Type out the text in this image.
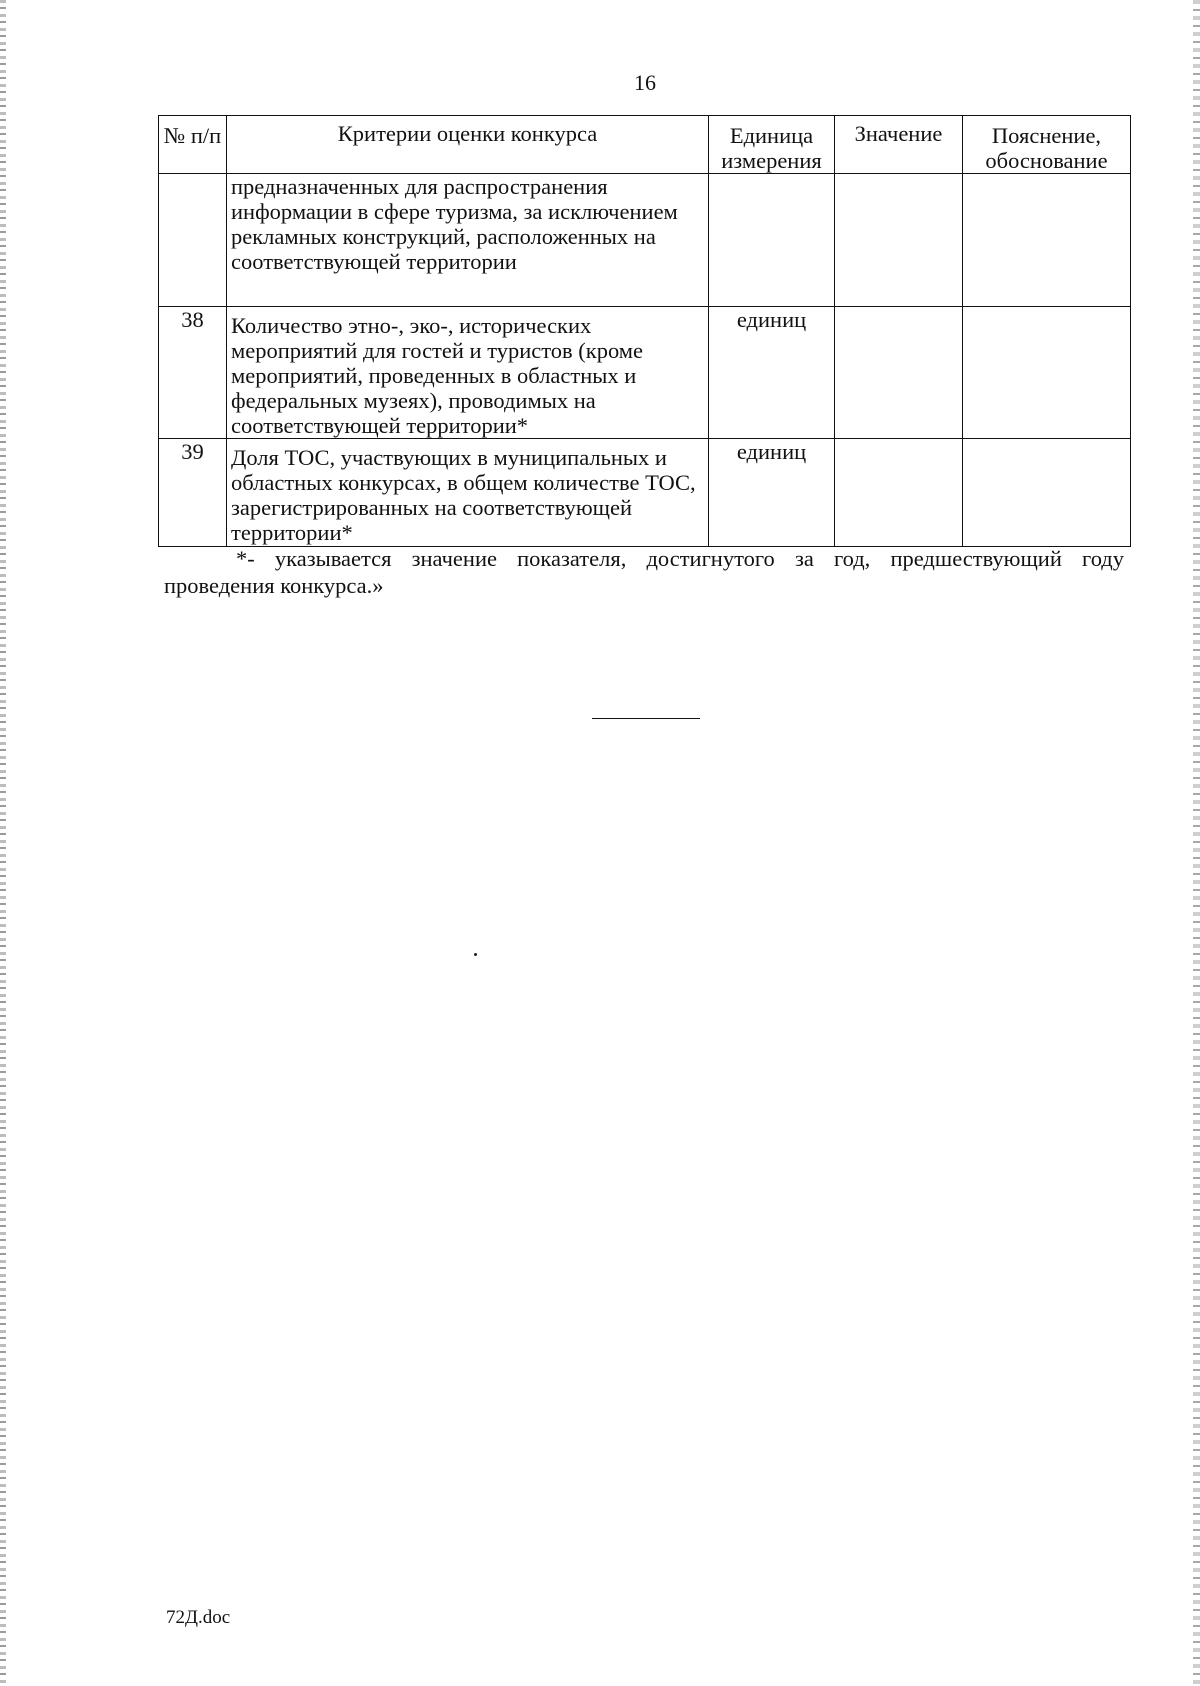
16
№ п/п	Критерии оценки конкурса	Единица измерения	Значение	Пояснение, обоснование
	предназначенных для распространения информации в сфере туризма, за исключением рекламных конструкций, расположенных на соответствующей территории			
38	Количество этно-, эко-, исторических мероприятий для гостей и туристов (кроме мероприятий, проведенных в областных и федеральных музеях), проводимых на соответствующей территории*	единиц		
39	Доля ТОС, участвующих в муниципальных и областных конкурсах, в общем количестве ТОС, зарегистрированных на соответствующей территории*	единиц		
*- указывается значение показателя, достигнутого за год, предшествующий году проведения конкурса.»
72Д.doc
